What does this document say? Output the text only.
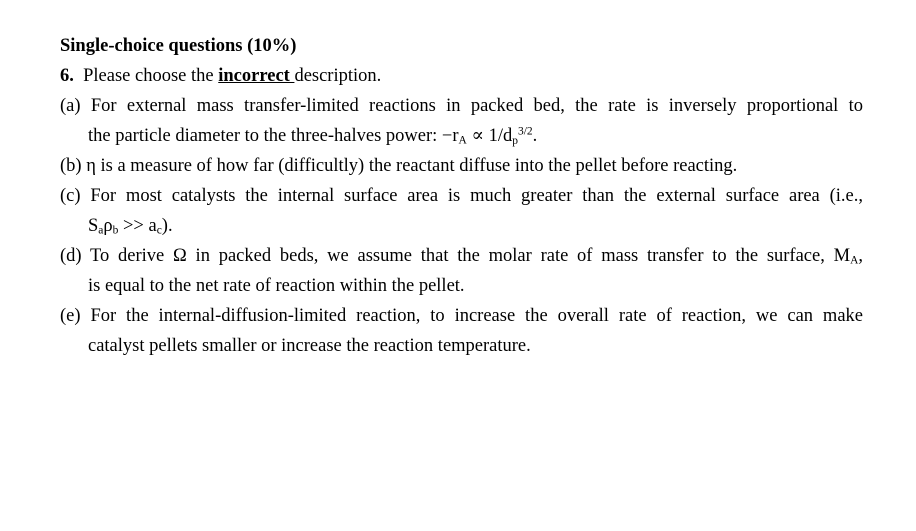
Single-choice questions (10%)
6. Please choose the incorrect description.
(a) For external mass transfer-limited reactions in packed bed, the rate is inversely proportional to
the particle diameter to the three-halves power: $-rA \propto 1/d_p^{3/2}$.
(b) η is a measure of how far (difficultly) the reactant diffuse into the pellet before reacting.
(c) For most catalysts the internal surface area is much greater than the external surface area (i.e.,
Saρb >> ac).
(d) To derive Ω in packed beds, we assume that the molar rate of mass transfer to the surface, MA,
is equal to the net rate of reaction within the pellet.
(e) For the internal-diffusion-limited reaction, to increase the overall rate of reaction, we can make
catalyst pellets smaller or increase the reaction temperature.
